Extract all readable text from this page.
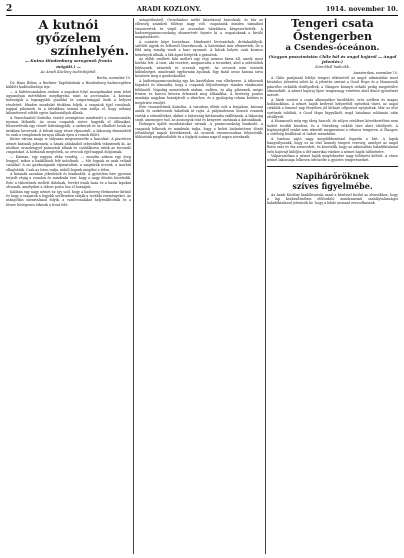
2	ARADI KOZLONY.	1914. november 10.

A kutnói győzelem

színhelyén.

— Kutno Hindenburg seregének fronta

mögött.) —

Az Aradi Közlöny tudósítójától.

Berlin, november 10.

Dr. Hans Böhm, a Berliner Tageblattnak a Hindenburg hadseregében küldött haditudósítója írja:

— A háttérvonalakon ezeken a napokon folyó mozgalmakat nem lehet ugyanolyan mértékben megfigyelni, mint az arcvonalon. A katonai hatóságok a legnagyobb gonddal és szigorúsággal őrzik a helyzet részleteit. Minden mozdulat titokban folyik, a csapatok éjjel vonulnak, nappal pihennek és a falvakban semmi sem árulja el, hogy néhány kilométerrel odébb egész hadosztályok állnak.

A Warschauból Kutnóba vezető országúton mindenütt a visszavonulás nyomai láthatók. Az orosz csapatok sietve hagyták el állásaikat, felszerelésük egy részét hátrahagyták, a szekerek és az elhullott lovak az árokban hevernek. A falvak nagy része elpusztult, a lakosság elmenekült és csak a templomok tornyai állnak épen a romok fölött.

Kutno városa maga is súlyosan megszenvedte a harcokat. A piactéren német katonák pihennek, a házak ablakaiból sebesültek tekintenek ki. Az utcákon oroszlengyel parasztok állnak és csodálkozva nézik az átvonuló csapatokat. A kórházak megteltek, az orvosok éjjel-nappal dolgoznak.

— Kaiman, egy nagyon ritka vendég, — mondta nekem egy öreg lengyel, mikor a hadállások felé indultunk. — Mit fognak az urak velünk csinálni? A mi gazdaságaink elpusztultak, a magtárak üresek, a marhát elhajtották. Csak az Isten tudja, miből fogunk megélni a télen.

A katonák azonban jókedvűek és bizakodók. A győzelem híre gyorsan terjedt végig a vonalon és mindenki érzi, hogy a nagy döntés közeledik. Este a tábortüzek mellett dalolnak, levelet írnak haza és a hazai lapokat olvassák, amelyeket a tábori posta hoz el hozzájuk.

Kalibán egy nagy német úr, így szól, hogy a hadsereg élelmezése kitűnő és hogy a csapatok a legjobb szellemben várják a további eseményeket. Az utánpótlás zavartalanul folyik, a vasútvonalakat helyreállították és a lőszer bőségesen érkezik a front felé.

utánpótlásáról. Oroszlánhoz méltó kitartással harcolnak, és bár az ellenség számbeli fölénye nagy volt, csapataink minden támadást visszavertek és végül az oroszokat hátrálásra kényszerítették. A hadseregparancsnokság elismerését fejezte ki a csapatoknak a kiváló magatartásért.

A csatatér képe borzalmas. Mindenütt lövészárkok, drótakadályok, szétlőtt ágyúk és felborult lőszerkocsik. A halottakat már eltemették, de a föld még mindig viseli a harc nyomait. A falvak helyén csak kormos kémények állnak, a fák ágait letépték a gránátok.

Az előbb említett falu mellett egy régi nemesi kúria áll, amely most kórház lett. A tiszt, aki vezetett, megmutatta a termeket, ahol a sebesültek feküsznek, németek és oroszok együtt. Az orvosok nem tesznek különbséget, mindenkit egyformán ápolnak. Egy fiatal orosz katona sírva köszönte meg a gondoskodást.

A hadtestparancsnokság egy kis kastélyban van elhelyezve. A tábornok fogadott és elmondta, hogy a csapatok teljesítménye minden várakozást felülmúlt. Napokig menetelnek sárban, esőben, és alig pihennek, mégis frissen és harcra készen érkeznek meg állásaikba. A tüzérség pontos munkája nagyban hozzájárult a sikerhez, és a gyalogság roham közben is megőrizte rendjét.

Este visszatértünk Kutnóba. A városban élénk volt a forgalom, katonai autók és szekérsorok haladtak át rajta. A pályaudvaron hosszú vonatok várták a sebesülteket, akiket a hátország kórházaiba szállítanak. A lakosság segít, amennyire tud, az asszonyok teát és kenyeret osztanak a katonáknak.

Holnapra újabb mozdulatokat várnak. A parancsnokság bizakodó, a csapatok lelkesek és mindenki tudja, hogy a keleti hadszíntéren döntő jelentőségű napok következnek. Az oroszok visszavonulása folytatódik, üldözésük megkezdődött és a foglyok száma napról napra növekszik.

Tengeri csata Őstengerben

a Csendes-óceánon.

(Nagyon pesszimistán Chile ból és angol hajóról — Angol jelentés.)

Zürichből hadicikk.

Amszterdam, november 10.

A Chile partjainál lefolyt tengeri ütközetről az angol admiralitás most hivatalos jelentést adott ki. A jelentés szerint a Good Hope és a Monmouth páncélos cirkálók elsüllyedtek, a Glasgow könnyű cirkáló pedig megsérülve elmenekült. A német hajóraj Spee tengernagy vezetése alatt döntő győzelmet aratott.

A hírek szerint a csata alkonyatkor kezdődött, erős szélben és magas hullámokban. A német hajók kedvező helyzetből nyitottak tüzet, az angol cirkálók a lemenő nap fényében jól látható célpontot nyújtottak. Már az első sortüzek találtak, a Good Hope kigyulladt, majd hatalmas robbanás után elsüllyedt.

A Monmouth még egy ideig harcolt, de súlyos sérülései következtében nem tudott tovább küzdeni, és a Nürnberg cirkáló tüze alatt elsüllyedt. A legénységből senkit sem sikerült megmenteni a viharos tengeren. A Glasgow a sötétség beálltával el tudott menekülni.

A londoni sajtó nagy megdöbbenéssel fogadta a hírt. A lapok hangsúlyozzák, hogy ez az első komoly tengeri vereség, amelyet az angol flotta száz év óta szenvedett, és követelik, hogy az admiralitás haladéktalanul erős hajórajt küldjön a dél-amerikai vizekre a német hajók üldözésére.

Valparaisóban a német hajók megérkezése nagy feltűnést keltett. A város német lakossága lelkesen üdvözölte a győztes tengerészeket.

Napihárőröknek

szíves figyelmébe.

Az Aradi Közlöny kiadóhivatala azzal a kéréssel fordul az olvasókhoz, hogy a lap kézbesítésében előforduló mindennemű szabálytalanságot haladéktalanul jelentsék be, hogy a hibát azonnal orvosolhassuk.
